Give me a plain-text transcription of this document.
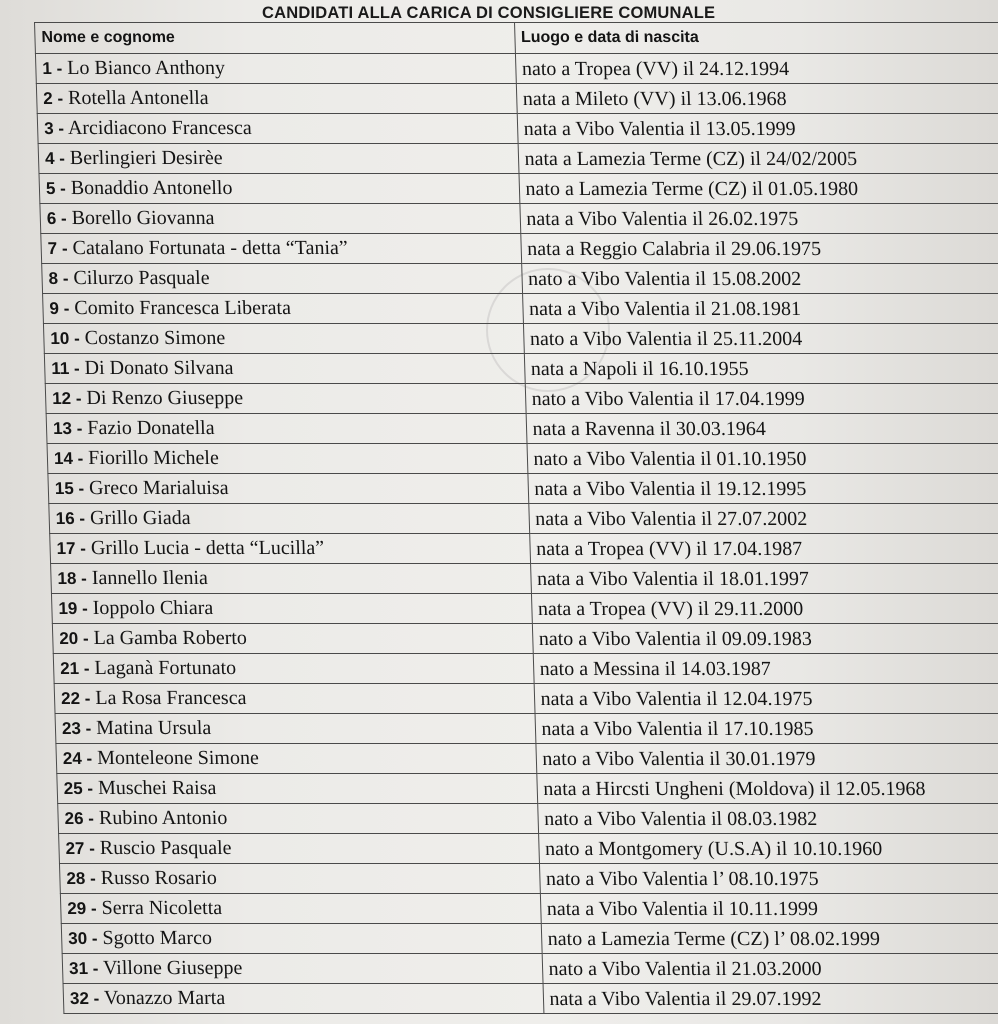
CANDIDATI ALLA CARICA DI CONSIGLIERE COMUNALE
Nome e cognome	Luogo e data di nascita
1 - Lo Bianco Anthony	nato a Tropea (VV) il 24.12.1994
2 - Rotella Antonella	nata a Mileto (VV) il 13.06.1968
3 - Arcidiacono Francesca	nata a Vibo Valentia il 13.05.1999
4 - Berlingieri Desirèe	nata a Lamezia Terme (CZ) il 24/02/2005
5 - Bonaddio Antonello	nato a Lamezia Terme (CZ) il 01.05.1980
6 - Borello Giovanna	nata a Vibo Valentia il 26.02.1975
7 - Catalano Fortunata - detta “Tania”	nata a Reggio Calabria il 29.06.1975
8 - Cilurzo Pasquale	nato a Vibo Valentia il 15.08.2002
9 - Comito Francesca Liberata	nata a Vibo Valentia il 21.08.1981
10 - Costanzo Simone	nato a Vibo Valentia il 25.11.2004
11 - Di Donato Silvana	nata a Napoli il 16.10.1955
12 - Di Renzo Giuseppe	nato a Vibo Valentia il 17.04.1999
13 - Fazio Donatella	nata a Ravenna il 30.03.1964
14 - Fiorillo Michele	nato a Vibo Valentia il 01.10.1950
15 - Greco Marialuisa	nata a Vibo Valentia il 19.12.1995
16 - Grillo Giada	nata a Vibo Valentia il 27.07.2002
17 - Grillo Lucia - detta “Lucilla”	nata a Tropea (VV) il 17.04.1987
18 - Iannello Ilenia	nata a Vibo Valentia il 18.01.1997
19 - Ioppolo Chiara	nata a Tropea (VV) il 29.11.2000
20 - La Gamba Roberto	nato a Vibo Valentia il 09.09.1983
21 - Laganà Fortunato	nato a Messina il 14.03.1987
22 - La Rosa Francesca	nata a Vibo Valentia il 12.04.1975
23 - Matina Ursula	nata a Vibo Valentia il 17.10.1985
24 - Monteleone Simone	nato a Vibo Valentia il 30.01.1979
25 - Muschei Raisa	nata a Hircsti Ungheni (Moldova) il 12.05.1968
26 - Rubino Antonio	nato a Vibo Valentia il 08.03.1982
27 - Ruscio Pasquale	nato a Montgomery (U.S.A) il 10.10.1960
28 - Russo Rosario	nato a Vibo Valentia l’ 08.10.1975
29 - Serra Nicoletta	nata a Vibo Valentia il 10.11.1999
30 - Sgotto Marco	nato a Lamezia Terme (CZ) l’ 08.02.1999
31 - Villone Giuseppe	nato a Vibo Valentia il 21.03.2000
32 - Vonazzo Marta	nata a Vibo Valentia il 29.07.1992
